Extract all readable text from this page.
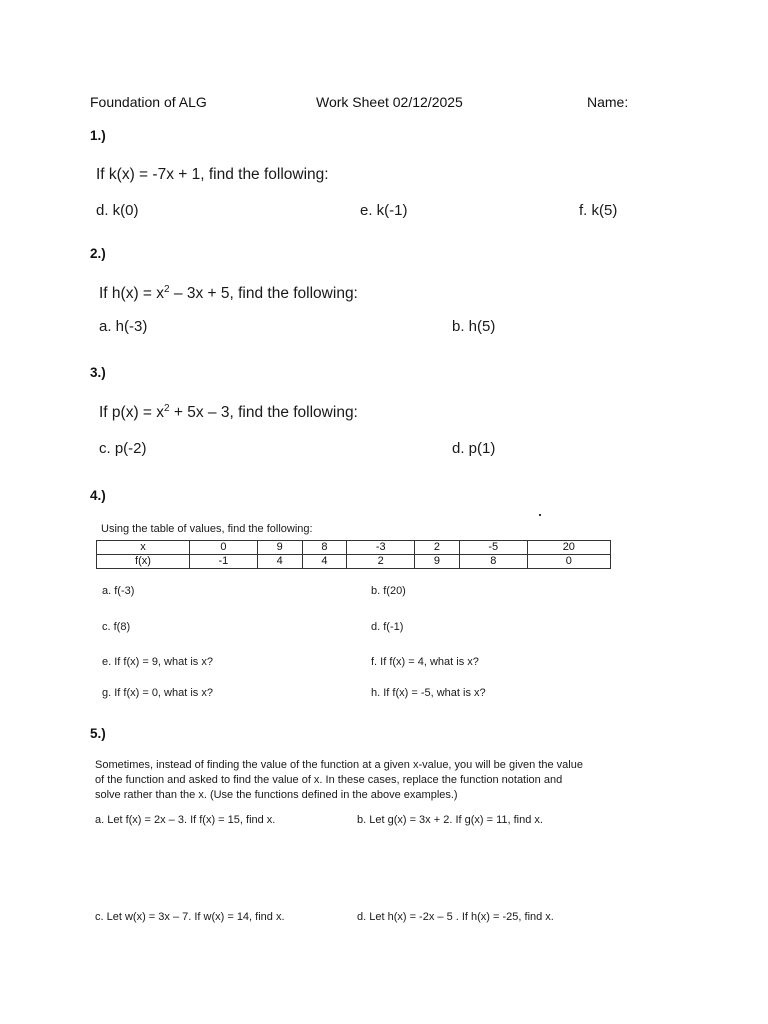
Foundation of ALG	Work Sheet 02/12/2025	Name:
1.)
If k(x) = -7x + 1, find the following:
d. k(0)	e. k(-1)	f. k(5)
2.)
If $h(x) = x^2 - 3x + 5$, find the following:
a. h(-3)	b. h(5)
3.)
If $p(x) = x^2 + 5x - 3$, find the following:
c. p(-2)	d. p(1)
4.)
Using the table of values, find the following:
x	0	9	8	-3	2	-5	20
f(x)	-1	4	4	2	9	8	0
a. f(-3)	b. f(20)
c. f(8)	d. f(-1)
e. If f(x) = 9, what is x?	f. If f(x) = 4, what is x?
g. If f(x) = 0, what is x?	h. If f(x) = -5, what is x?
5.)
Sometimes, instead of finding the value of the function at a given x-value, you will be given the value
of the function and asked to find the value of x. In these cases, replace the function notation and
solve rather than the x. (Use the functions defined in the above examples.)
a. Let f(x) = 2x – 3. If f(x) = 15, find x.	b. Let g(x) = 3x + 2. If g(x) = 11, find x.
c. Let w(x) = 3x – 7. If w(x) = 14, find x.	d. Let h(x) = -2x – 5 . If h(x) = -25, find x.
